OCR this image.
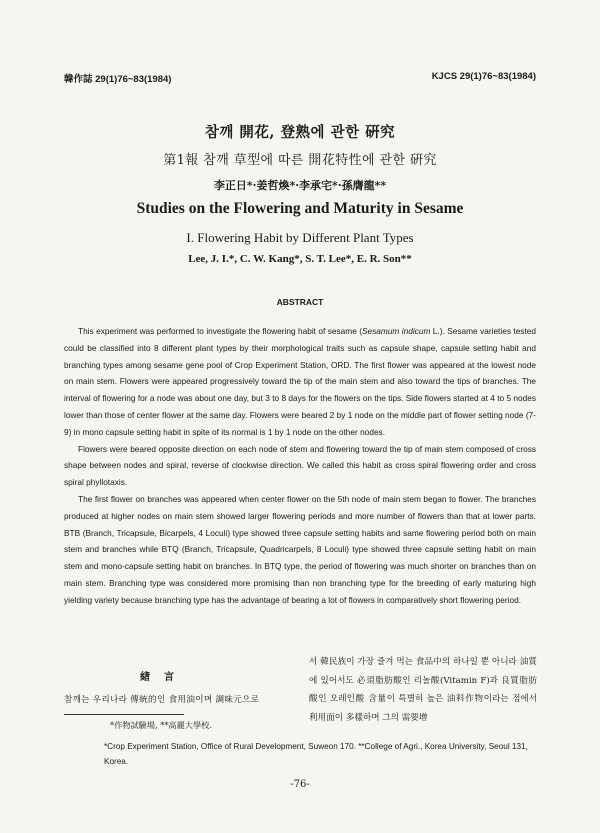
韓作誌 29(1)76~83(1984)	KJCS 29(1)76~83(1984)
참깨 開花, 登熟에 관한 硏究
第1報 참깨 草型에 따른 開花特性에 관한 硏究
李正日*·姜哲煥*·李承宅*·孫膺龍**
Studies on the Flowering and Maturity in Sesame
I. Flowering Habit by Different Plant Types
Lee, J. I.*, C. W. Kang*, S. T. Lee*, E. R. Son**
ABSTRACT

This experiment was performed to investigate the flowering habit of sesame (Sesamum indicum L.). Sesame varieties tested could be classified into 8 different plant types by their morphological traits such as capsule shape, capsule setting habit and branching types among sesame gene pool of Crop Experiment Station, ORD. The first flower was appeared at the lowest node on main stem. Flowers were appeared progressively toward the tip of the main stem and also toward the tips of branches. The interval of flowering for a node was about one day, but 3 to 8 days for the flowers on the tips. Side flowers started at 4 to 5 nodes lower than those of center flower at the same day. Flowers were beared 2 by 1 node on the middle part of flower setting node (7-9) in mono capsule setting habit in spite of its normal is 1 by 1 node on the other nodes.

Flowers were beared opposite direction on each node of stem and flowering toward the tip of main stem composed of cross shape between nodes and spiral, reverse of clockwise direction. We called this habit as cross spiral flowering order and cross spiral phyllotaxis.

The first flower on branches was appeared when center flower on the 5th node of main stem began to flower. The branches produced at higher nodes on main stem showed larger flowering periods and more number of flowers than that at lower parts. BTB (Branch, Tricapsule, Bicarpels, 4 Loculi) type showed three capsule setting habits and same flowering period both on main stem and branches while BTQ (Branch, Tricapsule, Quadricarpels, 8 Loculi) type showed three capsule setting habit on main stem and mono-capsule setting habit on branches. In BTQ type, the period of flowering was much shorter on branches than on main stem. Branching type was considered more promising than non branching type for the breeding of early maturing high yielding variety because branching type has the advantage of bearing a lot of flowers in comparatively short flowering period.

緖言
참깨는 우리나라 傳統的인 食用油이며 調味元으로
서 韓民族이 가장 즐겨 먹는 食品中의 하나일 뿐 아니라 油質에 있어서도 必須脂肪酸인 리놀酸(Vitamin F)과 良質脂肪酸인 오레인酸 含量이 특별히 높은 油料作物이라는 점에서 利用面이 多樣하며 그의 需要增
*作物試驗場, **高麗大學校.
*Crop Experiment Station, Office of Rural Development, Suweon 170. **College of Agri., Korea University, Seoul 131, Korea.
-76-
